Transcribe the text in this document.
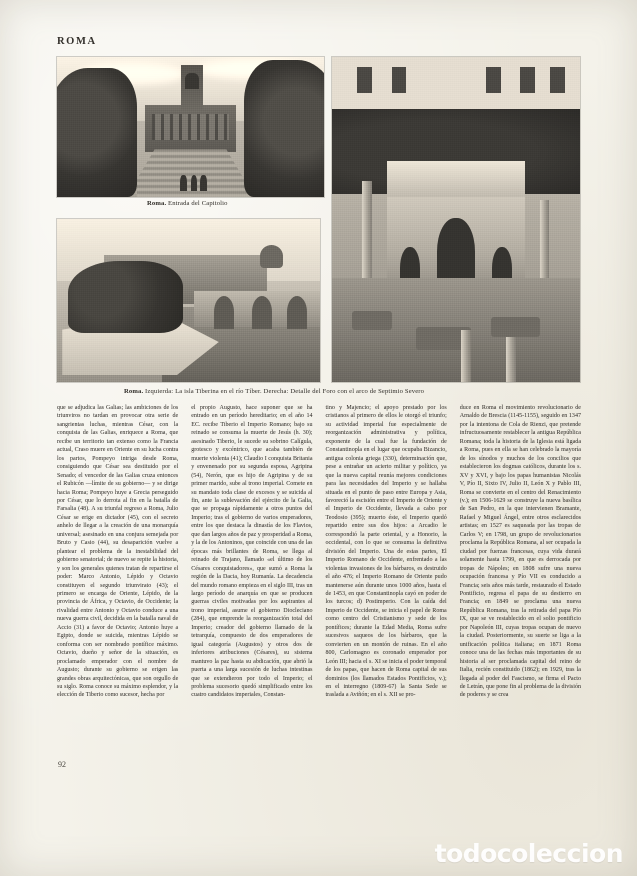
ROMA
Roma. Entrada del Capitolio
Roma. Izquierda: La isla Tiberina en el río Tíber. Derecha: Detalle del Foro con el arco de Septimio Severo

que se adjudica las Galias; las ambiciones de los triunviros no tardan en provocar otra serie de sangrientas luchas, mientras César, con la conquista de las Galias, enriquece a Roma, que recibe un territorio tan extenso como la Francia actual, Craso muere en Oriente en su lucha contra los partos, Pompeyo intriga desde Roma, consiguiendo que César sea destituido por el Senado; el vencedor de las Galias cruza entonces el Rubicón —límite de su gobierno— y se dirige hacia Roma; Pompeyo huye a Grecia perseguido por César, que lo derrota al fin en la batalla de Farsalia (48). A su triunfal regreso a Roma, Julio César se erige en dictador (45), con el secreto anhelo de llegar a la creación de una monarquía universal; asesinado en una conjura semejada por Bruto y Casio (44), su desaparición vuelve a plantear el problema de la inestabilidad del gobierno senatorial; de nuevo se repite la historia, y son los generales quienes tratan de repartirse el poder: Marco Antonio, Lépido y Octavio constituyen el segundo triunvirato (43); el primero se encarga de Oriente, Lépido, de la provincia de África, y Octavio, de Occidente; la rivalidad entre Antonio y Octavio conduce a una nueva guerra civil, decidida en la batalla naval de Accio (31) a favor de Octavio; Antonio huye a Egipto, donde se suicida, mientras Lépido se conforma con ser nombrado pontífice máximo. Octavio, dueño y señor de la situación, es proclamado emperador con el nombre de Augusto; durante su gobierno se erigen las grandes obras arquitectónicas, que son orgullo de su siglo. Roma conoce su máximo esplendor, y la elección de Tiberio como sucesor, hecha por

el propio Augusto, hace suponer que se ha entrado en un período hereditario; en el año 14 EC. recibe Tiberio el Imperio Romano; bajo su reinado se consuma la muerte de Jesús (h. 30); asesinado Tiberio, le sucede su sobrino Calígula, grotesco y excéntrico, que acaba también de muerte violenta (41); Claudio I conquista Britania y envenenado por su segunda esposa, Agripina (54), Nerón, que es hijo de Agripina y de su primer marido, sube al trono imperial. Comete en su mandato toda clase de excesos y se suicida al fin, ante la sublevación del ejército de la Galia, que se propaga rápidamente a otros puntos del Imperio; tras el gobierno de varios emperadores, entre los que destaca la dinastía de los Flavios, que dan largos años de paz y prosperidad a Roma, y la de los Antoninos, que coincide con una de las épocas más brillantes de Roma, se llega al reinado de Trajano, llamado «el último de los Césares conquistadores», que sumó a Roma la región de la Dacia, hoy Rumanía. La decadencia del mundo romano empieza en el siglo III, tras un largo período de anarquía en que se producen guerras civiles motivadas por los aspirantes al trono imperial, asume el gobierno Diocleciano (284), que emprende la reorganización total del Imperio; creador del gobierno llamado de la tetrarquía, compuesto de dos emperadores de igual categoría (Augustos) y otros dos de inferiores atribuciones (Césares), su sistema mantuvo la paz hasta su abdicación, que abrió la puerta a una larga sucesión de luchas intestinas que se extendieron por todo el Imperio; el problema sucesorio quedó simplificado entre los cuatro candidatos imperiales, Constan-

tino y Majencio; el apoyo prestado por los cristianos al primero de ellos le otorgó el triunfo; su actividad imperial fue especialmente de reorganización administrativa y política, exponente de la cual fue la fundación de Constantinopla en el lugar que ocupaba Bizancio, antigua colonia griega (330), determinación que, pese a entrañar un acierto militar y político, ya que la nueva capital reunía mejores condiciones para las necesidades del Imperio y se hallaba situada en el punto de paso entre Europa y Asia, favoreció la escisión entre el Imperio de Oriente y el Imperio de Occidente, llevada a cabo por Teodosio (395); muerto éste, el Imperio quedó repartido entre sus dos hijos: a Arcadio le correspondió la parte oriental, y a Honorio, la occidental, con lo que se consuma la definitiva división del Imperio. Una de estas partes, El Imperio Romano de Occidente, enfrentado a las violentas invasiones de los bárbaros, es destruido el año 476; el Imperio Romano de Oriente pudo mantenerse aún durante unos 1000 años, hasta el de 1453, en que Constantinopla cayó en poder de los turcos; d) Postimperio. Con la caída del Imperio de Occidente, se inicia el papel de Roma como centro del Cristianismo y sede de los pontífices; durante la Edad Media, Roma sufre sucesivos saqueos de los bárbaros, que la convierten en un montón de ruinas. En el año 800, Carlomagno es coronado emperador por León III; hacia el s. XI se inicia el poder temporal de los papas, que hacen de Roma capital de sus dominios (los llamados Estados Pontificios, v.); en el interregno (1809-67) la Santa Sede se traslada a Aviñón; en el s. XII se pro-

duce en Roma el movimiento revolucionario de Arnaldo de Brescia (1145-1155), seguido en 1347 por la intentona de Cola de Rienzi, que pretende infructuosamente restablecer la antigua República Romana; toda la historia de la Iglesia está ligada a Roma, pues en ella se han celebrado la mayoría de los sínodos y muchos de los concilios que establecieron los dogmas católicos, durante los s. XV y XVI, y bajo los papas humanistas Nicolás V, Pío II, Sixto IV, Julio II, León X y Pablo III, Roma se convierte en el centro del Renacimiento (v.); en 1506-1629 se construye la nueva basílica de San Pedro, en la que intervienen Bramante, Rafael y Miguel Ángel, entre otros esclarecidos artistas; en 1527 es saqueada por las tropas de Carlos V; en 1798, un grupo de revolucionarios proclama la República Romana, al ser ocupada la ciudad por fuerzas francesas, cuya vida durará solamente hasta 1799, en que es derrocada por tropas de Nápoles; en 1808 sufre una nueva ocupación francesa y Pío VII es conducido a Francia; seis años más tarde, restaurado el Estado Pontificio, regresa el papa de su destierro en Francia; en 1849 se proclama una nueva República Romana, tras la retirada del papa Pío IX, que se ve restablecido en el solio pontificio por Napoleón III, cuyas tropas ocupan de nuevo la ciudad. Posteriormente, su suerte se liga a la unificación política italiana; en 1871 Roma conoce una de las fechas más importantes de su historia al ser proclamada capital del reino de Italia, recién constituido (1862); en 1929, tras la llegada al poder del Fascismo, se firma el Pacto de Letrán, que pone fin al problema de la división de poderes y se crea

92
todocoleccion
